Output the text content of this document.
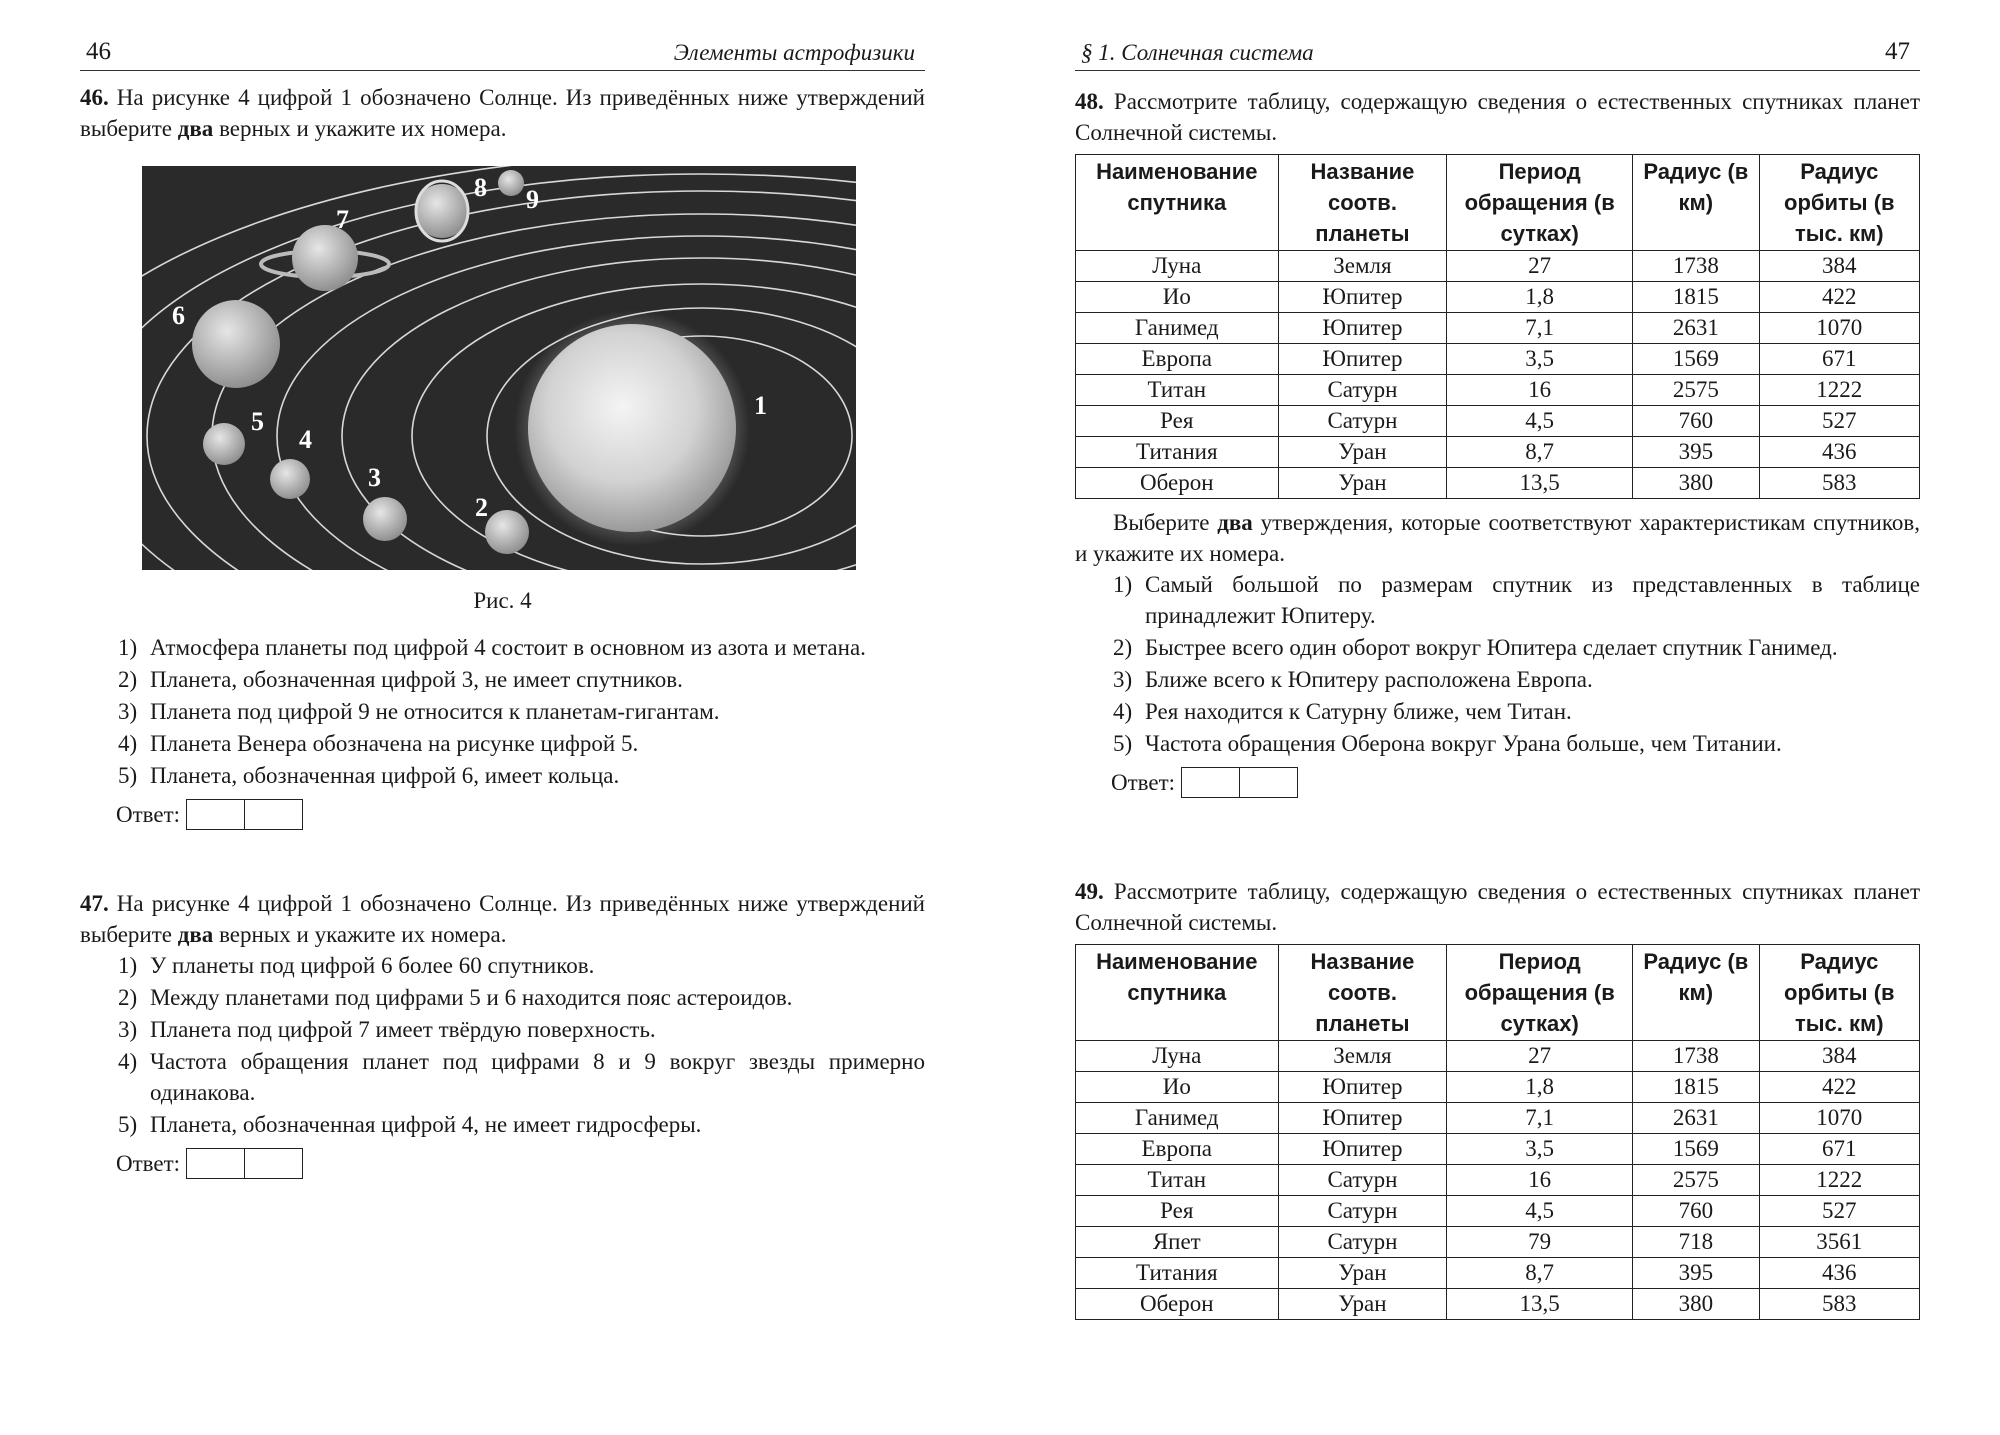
46	Элементы астрофизики

46. На рисунке 4 цифрой 1 обозначено Солнце. Из приведённых ниже утверждений выберите два верных и укажите их номера.

1
2
3
4
5
6
7
8 9
Рис. 4
1) Атмосфера планеты под цифрой 4 состоит в основном из азота и метана.
2) Планета, обозначенная цифрой 3, не имеет спутников.
3) Планета под цифрой 9 не относится к планетам-гигантам.
4) Планета Венера обозначена на рисунке цифрой 5.
5) Планета, обозначенная цифрой 6, имеет кольца.
Ответ:

47. На рисунке 4 цифрой 1 обозначено Солнце. Из приведённых ниже утверждений выберите два верных и укажите их номера.

1) У планеты под цифрой 6 более 60 спутников.
2) Между планетами под цифрами 5 и 6 находится пояс астероидов.
3) Планета под цифрой 7 имеет твёрдую поверхность.
4) Частота обращения планет под цифрами 8 и 9 вокруг звезды примерно одинакова.
5) Планета, обозначенная цифрой 4, не имеет гидросферы.
Ответ:
§ 1. Солнечная система	47

48. Рассмотрите таблицу, содержащую сведения о естественных спутниках планет Солнечной системы.

Наименование спутника	Название соотв. планеты	Период обращения (в сутках)	Радиус (в км)	Радиус орбиты (в тыс. км)
Луна	Земля	27	1738	384
Ио	Юпитер	1,8	1815	422
Ганимед	Юпитер	7,1	2631	1070
Европа	Юпитер	3,5	1569	671
Титан	Сатурн	16	2575	1222
Рея	Сатурн	4,5	760	527
Титания	Уран	8,7	395	436
Оберон	Уран	13,5	380	583

Выберите два утверждения, которые соответствуют характеристикам спутников, и укажите их номера.

1) Самый большой по размерам спутник из представленных в таблице принадлежит Юпитеру.
2) Быстрее всего один оборот вокруг Юпитера сделает спутник Ганимед.
3) Ближе всего к Юпитеру расположена Европа.
4) Рея находится к Сатурну ближе, чем Титан.
5) Частота обращения Оберона вокруг Урана больше, чем Титании.
Ответ:

49. Рассмотрите таблицу, содержащую сведения о естественных спутниках планет Солнечной системы.

Наименование спутника	Название соотв. планеты	Период обращения (в сутках)	Радиус (в км)	Радиус орбиты (в тыс. км)
Луна	Земля	27	1738	384
Ио	Юпитер	1,8	1815	422
Ганимед	Юпитер	7,1	2631	1070
Европа	Юпитер	3,5	1569	671
Титан	Сатурн	16	2575	1222
Рея	Сатурн	4,5	760	527
Япет	Сатурн	79	718	3561
Титания	Уран	8,7	395	436
Оберон	Уран	13,5	380	583
